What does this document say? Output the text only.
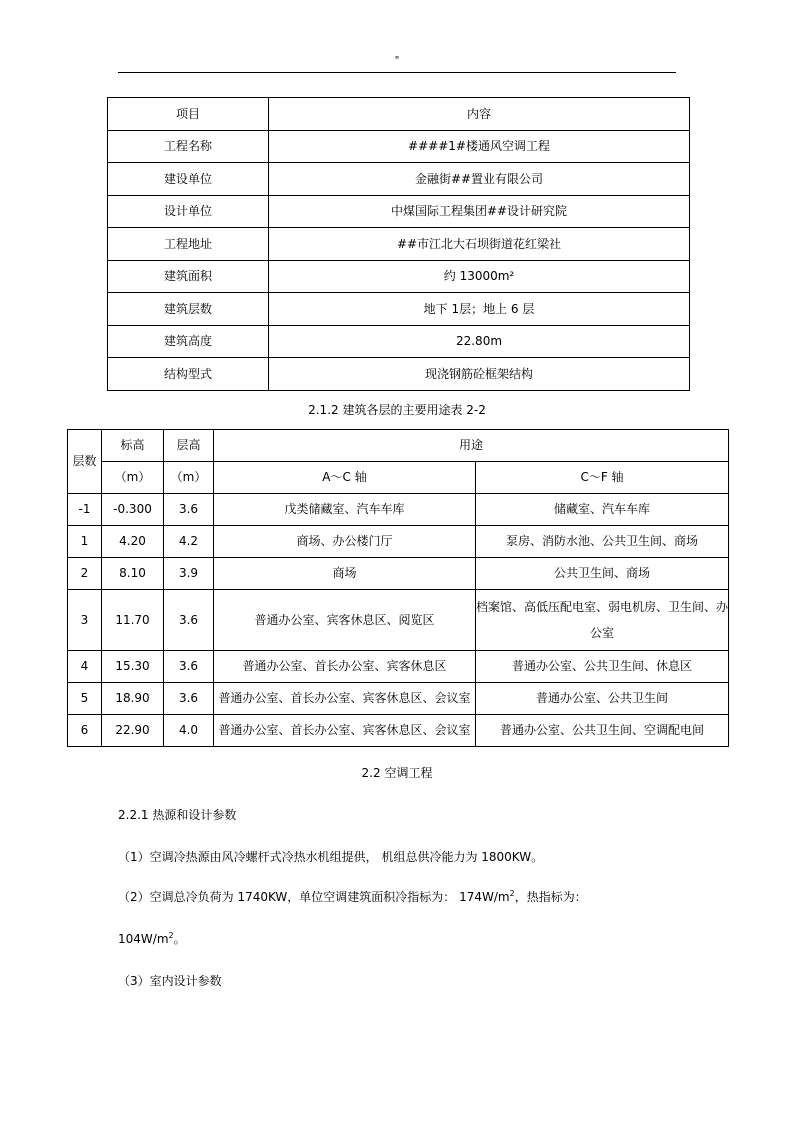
"
项目	内容
工程名称	####1#楼通风空调工程
建设单位	金融街##置业有限公司
设计单位	中煤国际工程集团##设计研究院
工程地址	##市江北大石坝街道花红梁社
建筑面积	约 13000m²
建筑层数	地下 1层；地上 6 层
建筑高度	22.80m
结构型式	现浇钢筋砼框架结构
2.1.2 建筑各层的主要用途表 2-2
层数	标高	层高	用途	
	（m）	（m）	A～C 轴	C～F 轴
-1	-0.300	3.6	戊类储藏室、汽车车库	储藏室、汽车车库
1	4.20	4.2	商场、办公楼门厅	泵房、消防水池、公共卫生间、商场
2	8.10	3.9	商场	公共卫生间、商场
3	11.70	3.6	普通办公室、宾客休息区、阅览区	档案馆、高低压配电室、弱电机房、卫生间、办公室
4	15.30	3.6	普通办公室、首长办公室、宾客休息区	普通办公室、公共卫生间、休息区
5	18.90	3.6	普通办公室、首长办公室、宾客休息区、会议室	普通办公室、公共卫生间
6	22.90	4.0	普通办公室、首长办公室、宾客休息区、会议室	普通办公室、公共卫生间、空调配电间
2.2 空调工程
2.2.1 热源和设计参数
（1）空调冷热源由风冷螺杆式冷热水机组提供， 机组总供冷能力为 1800KW。
（2）空调总冷负荷为 1740KW，单位空调建筑面积冷指标为： $174W/m^2$，热指标为：
$104W/m^2$。
（3）室内设计参数
